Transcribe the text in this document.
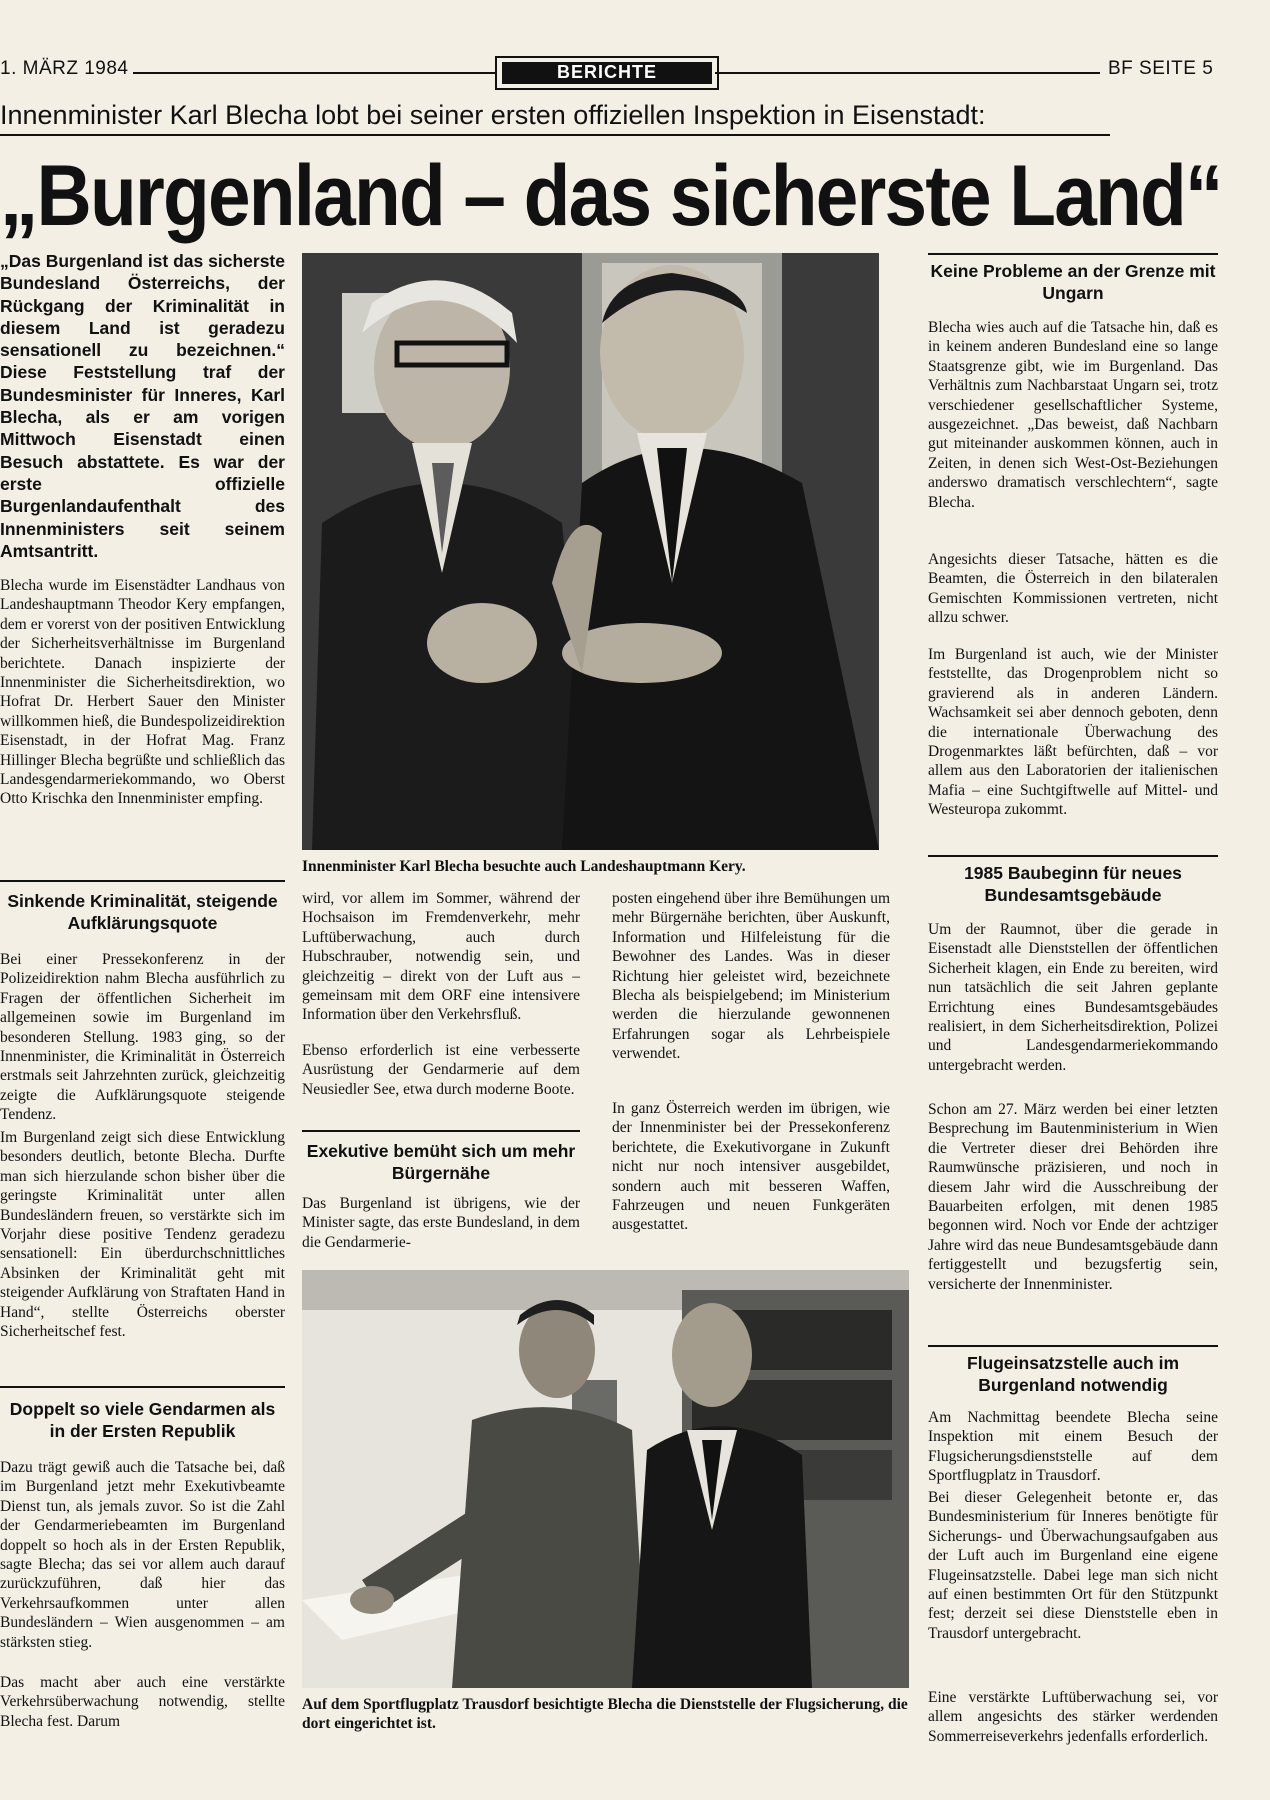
1. MÄRZ 1984	BERICHTE	BF SEITE 5
Innenminister Karl Blecha lobt bei seiner ersten offiziellen Inspektion in Eisenstadt:
„Burgenland – das sicherste Land“
„Das Burgenland ist das sicherste Bundesland Österreichs, der Rückgang der Kriminalität in diesem Land ist geradezu sensationell zu bezeichnen.“ Diese Feststellung traf der Bundesminister für Inneres, Karl Blecha, als er am vorigen Mittwoch Eisenstadt einen Besuch abstattete. Es war der erste offizielle Burgenlandaufenthalt des Innenministers seit seinem Amtsantritt.
Blecha wurde im Eisenstädter Landhaus von Landeshauptmann Theodor Kery empfangen, dem er vorerst von der positiven Entwicklung der Sicherheitsverhältnisse im Burgenland berichtete. Danach inspizierte der Innenminister die Sicherheitsdirektion, wo Hofrat Dr. Herbert Sauer den Minister willkommen hieß, die Bundespolizeidirektion Eisenstadt, in der Hofrat Mag. Franz Hillinger Blecha begrüßte und schließlich das Landesgendarmeriekommando, wo Oberst Otto Krischka den Innenminister empfing.
Sinkende Kriminalität, steigende Aufklärungsquote
Bei einer Pressekonferenz in der Polizeidirektion nahm Blecha ausführlich zu Fragen der öffentlichen Sicherheit im allgemeinen sowie im Burgenland im besonderen Stellung. 1983 ging, so der Innenminister, die Kriminalität in Österreich erstmals seit Jahrzehnten zurück, gleichzeitig zeigte die Aufklärungsquote steigende Tendenz.
Im Burgenland zeigt sich diese Entwicklung besonders deutlich, betonte Blecha. Durfte man sich hierzulande schon bisher über die geringste Kriminalität unter allen Bundesländern freuen, so verstärkte sich im Vorjahr diese positive Tendenz geradezu sensationell: Ein überdurchschnittliches Absinken der Kriminalität geht mit steigender Aufklärung von Straftaten Hand in Hand“, stellte Österreichs oberster Sicherheitschef fest.
Doppelt so viele Gendarmen als in der Ersten Republik
Dazu trägt gewiß auch die Tatsache bei, daß im Burgenland jetzt mehr Exekutivbeamte Dienst tun, als jemals zuvor. So ist die Zahl der Gendarmeriebeamten im Burgenland doppelt so hoch als in der Ersten Republik, sagte Blecha; das sei vor allem auch darauf zurückzuführen, daß hier das Verkehrsaufkommen unter allen Bundesländern – Wien ausgenommen – am stärksten stieg.
Das macht aber auch eine verstärkte Verkehrsüberwachung notwendig, stellte Blecha fest. Darum
Innenminister Karl Blecha besuchte auch Landeshauptmann Kery.
wird, vor allem im Sommer, während der Hochsaison im Fremdenverkehr, mehr Luftüberwachung, auch durch Hubschrauber, notwendig sein, und gleichzeitig – direkt von der Luft aus – gemeinsam mit dem ORF eine intensivere Information über den Verkehrsfluß.
Ebenso erforderlich ist eine verbesserte Ausrüstung der Gendarmerie auf dem Neusiedler See, etwa durch moderne Boote.
Exekutive bemüht sich um mehr Bürgernähe
Das Burgenland ist übrigens, wie der Minister sagte, das erste Bundesland, in dem die Gendarmerie-
posten eingehend über ihre Bemühungen um mehr Bürgernähe berichten, über Auskunft, Information und Hilfeleistung für die Bewohner des Landes. Was in dieser Richtung hier geleistet wird, bezeichnete Blecha als beispielgebend; im Ministerium werden die hierzulande gewonnenen Erfahrungen sogar als Lehrbeispiele verwendet.
In ganz Österreich werden im übrigen, wie der Innenminister bei der Pressekonferenz berichtete, die Exekutivorgane in Zukunft nicht nur noch intensiver ausgebildet, sondern auch mit besseren Waffen, Fahrzeugen und neuen Funkgeräten ausgestattet.
Auf dem Sportflugplatz Trausdorf besichtigte Blecha die Dienststelle der Flugsicherung, die dort eingerichtet ist.
Keine Probleme an der Grenze mit Ungarn
Blecha wies auch auf die Tatsache hin, daß es in keinem anderen Bundesland eine so lange Staatsgrenze gibt, wie im Burgenland. Das Verhältnis zum Nachbarstaat Ungarn sei, trotz verschiedener gesellschaftlicher Systeme, ausgezeichnet. „Das beweist, daß Nachbarn gut miteinander auskommen können, auch in Zeiten, in denen sich West-Ost-Beziehungen anderswo dramatisch verschlechtern“, sagte Blecha.
Angesichts dieser Tatsache, hätten es die Beamten, die Österreich in den bilateralen Gemischten Kommissionen vertreten, nicht allzu schwer.
Im Burgenland ist auch, wie der Minister feststellte, das Drogenproblem nicht so gravierend als in anderen Ländern. Wachsamkeit sei aber dennoch geboten, denn die internationale Überwachung des Drogenmarktes läßt befürchten, daß – vor allem aus den Laboratorien der italienischen Mafia – eine Suchtgiftwelle auf Mittel- und Westeuropa zukommt.
1985 Baubeginn für neues Bundesamtsgebäude
Um der Raumnot, über die gerade in Eisenstadt alle Dienststellen der öffentlichen Sicherheit klagen, ein Ende zu bereiten, wird nun tatsächlich die seit Jahren geplante Errichtung eines Bundesamtsgebäudes realisiert, in dem Sicherheitsdirektion, Polizei und Landesgendarmeriekommando untergebracht werden.
Schon am 27. März werden bei einer letzten Besprechung im Bautenministerium in Wien die Vertreter dieser drei Behörden ihre Raumwünsche präzisieren, und noch in diesem Jahr wird die Ausschreibung der Bauarbeiten erfolgen, mit denen 1985 begonnen wird. Noch vor Ende der achtziger Jahre wird das neue Bundesamtsgebäude dann fertiggestellt und bezugsfertig sein, versicherte der Innenminister.
Flugeinsatzstelle auch im Burgenland notwendig
Am Nachmittag beendete Blecha seine Inspektion mit einem Besuch der Flugsicherungsdienststelle auf dem Sportflugplatz in Trausdorf.
Bei dieser Gelegenheit betonte er, das Bundesministerium für Inneres benötigte für Sicherungs- und Überwachungsaufgaben aus der Luft auch im Burgenland eine eigene Flugeinsatzstelle. Dabei lege man sich nicht auf einen bestimmten Ort für den Stützpunkt fest; derzeit sei diese Dienststelle eben in Trausdorf untergebracht.
Eine verstärkte Luftüberwachung sei, vor allem angesichts des stärker werdenden Sommerreiseverkehrs jedenfalls erforderlich.
